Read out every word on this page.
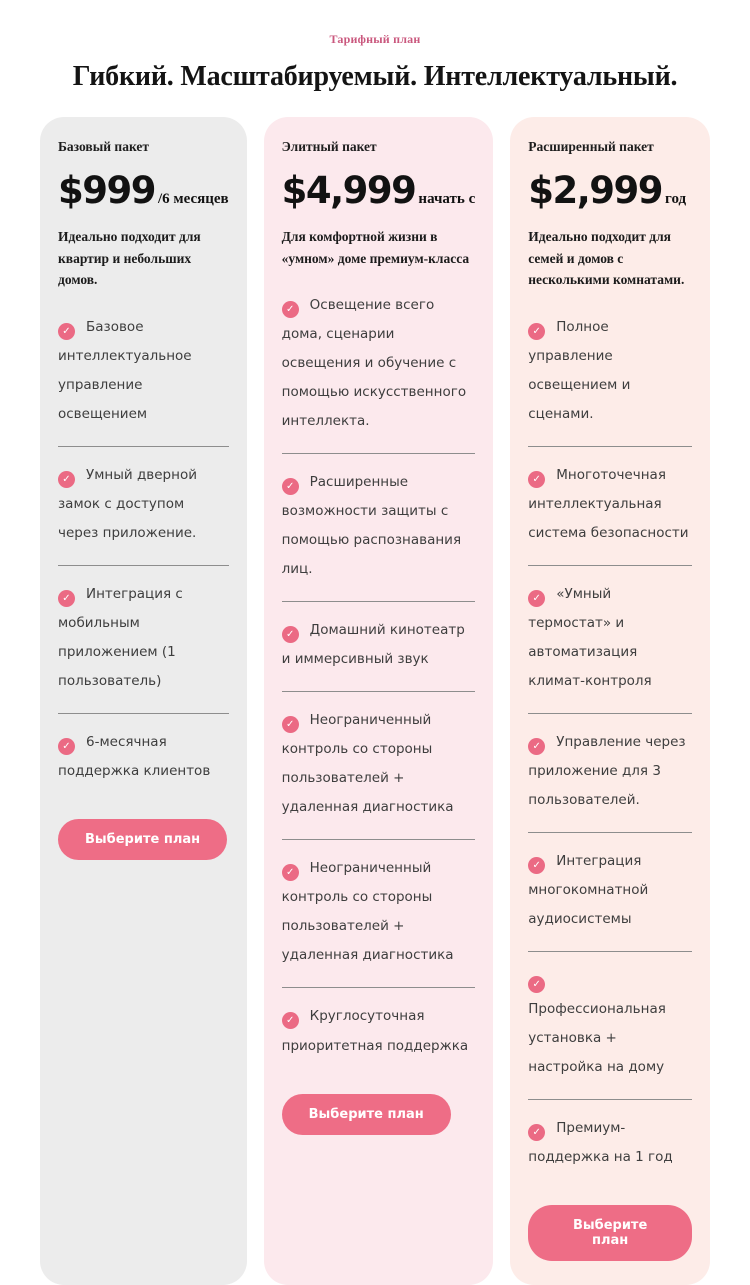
Тарифный план
Гибкий. Масштабируемый. Интеллектуальный.
Базовый пакет
$999 /6 месяцев
Идеально подходит для квартир и небольших домов.
✓ Базовое интеллектуальное управление освещением
✓ Умный дверной замок с доступом через приложение.
✓ Интеграция с мобильным приложением (1 пользователь)
✓ 6-месячная поддержка клиентов
Выберите план
Элитный пакет
$4,999 начать с
Для комфортной жизни в «умном» доме премиум-класса
✓ Освещение всего дома, сценарии освещения и обучение с помощью искусственного интеллекта.
✓ Расширенные возможности защиты с помощью распознавания лиц.
✓ Домашний кинотеатр и иммерсивный звук
✓ Неограниченный контроль со стороны пользователей + удаленная диагностика
✓ Неограниченный контроль со стороны пользователей + удаленная диагностика
✓ Круглосуточная приоритетная поддержка
Выберите план
Расширенный пакет
$2,999 год
Идеально подходит для семей и домов с несколькими комнатами.
✓ Полное управление освещением и сценами.
✓ Многоточечная интеллектуальная система безопасности
✓ «Умный термостат» и автоматизация климат-контроля
✓ Управление через приложение для 3 пользователей.
✓ Интеграция многокомнатной аудиосистемы
✓Профессиональная установка + настройка на дому
✓ Премиум-поддержка на 1 год
Выберите план
